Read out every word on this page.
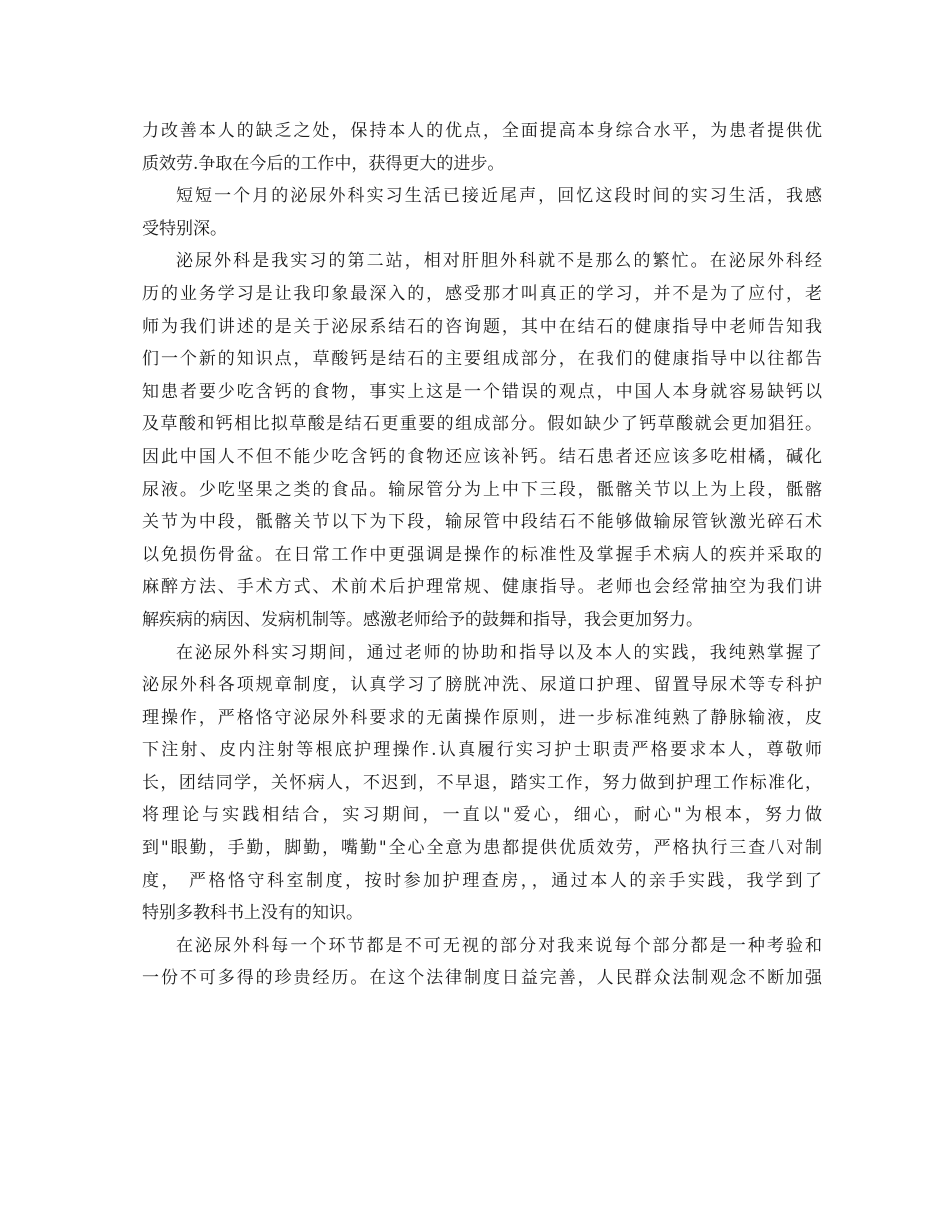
力改善本人的缺乏之处，保持本人的优点，全面提高本身综合水平，为患者提供优
质效劳.争取在今后的工作中，获得更大的进步。
短短一个月的泌尿外科实习生活已接近尾声，回忆这段时间的实习生活，我感
受特别深。
泌尿外科是我实习的第二站，相对肝胆外科就不是那么的繁忙。在泌尿外科经
历的业务学习是让我印象最深入的，感受那才叫真正的学习，并不是为了应付，老
师为我们讲述的是关于泌尿系结石的咨询题，其中在结石的健康指导中老师告知我
们一个新的知识点，草酸钙是结石的主要组成部分，在我们的健康指导中以往都告
知患者要少吃含钙的食物，事实上这是一个错误的观点，中国人本身就容易缺钙以
及草酸和钙相比拟草酸是结石更重要的组成部分。假如缺少了钙草酸就会更加猖狂。
因此中国人不但不能少吃含钙的食物还应该补钙。结石患者还应该多吃柑橘，碱化
尿液。少吃坚果之类的食品。输尿管分为上中下三段，骶髂关节以上为上段，骶髂
关节为中段，骶髂关节以下为下段，输尿管中段结石不能够做输尿管钬激光碎石术
以免损伤骨盆。在日常工作中更强调是操作的标准性及掌握手术病人的疾并采取的
麻醉方法、手术方式、术前术后护理常规、健康指导。老师也会经常抽空为我们讲
解疾病的病因、发病机制等。感激老师给予的鼓舞和指导，我会更加努力。
在泌尿外科实习期间，通过老师的协助和指导以及本人的实践，我纯熟掌握了
泌尿外科各项规章制度，认真学习了膀胱冲洗、尿道口护理、留置导尿术等专科护
理操作，严格恪守泌尿外科要求的无菌操作原则，进一步标准纯熟了静脉输液，皮
下注射、皮内注射等根底护理操作.认真履行实习护士职责严格要求本人，尊敬师
长，团结同学，关怀病人，不迟到，不早退，踏实工作，努力做到护理工作标准化，
将理论与实践相结合，实习期间，一直以"爱心，细心，耐心"为根本，努力做
到"眼勤，手勤，脚勤，嘴勤"全心全意为患都提供优质效劳，严格执行三查八对制
度， 严格恪守科室制度，按时参加护理查房，，通过本人的亲手实践，我学到了
特别多教科书上没有的知识。
在泌尿外科每一个环节都是不可无视的部分对我来说每个部分都是一种考验和
一份不可多得的珍贵经历。在这个法律制度日益完善，人民群众法制观念不断加强
